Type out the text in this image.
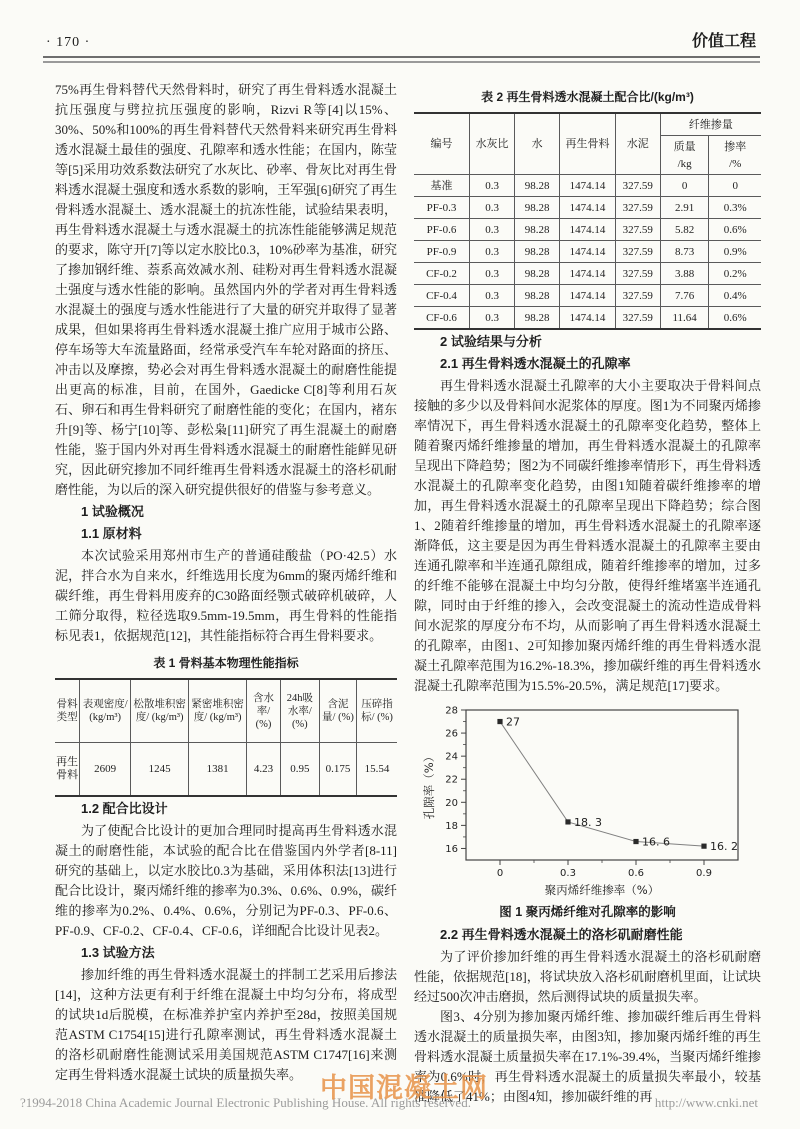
· 170 ·	价值工程

75%再生骨料替代天然骨料时，研究了再生骨料透水混凝土抗压强度与劈拉抗压强度的影响，Rizvi R等[4]以15%、30%、50%和100%的再生骨料替代天然骨料来研究再生骨料透水混凝土最佳的强度、孔隙率和透水性能；在国内，陈莹等[5]采用功效系数法研究了水灰比、砂率、骨灰比对再生骨料透水混凝土强度和透水系数的影响，王军强[6]研究了再生骨料透水混凝土、透水混凝土的抗冻性能，试验结果表明，再生骨料透水混凝土与透水混凝土的抗冻性能能够满足规范的要求，陈守开[7]等以定水胶比0.3，10%砂率为基准，研究了掺加钢纤维、萘系高效减水剂、硅粉对再生骨料透水混凝土强度与透水性能的影响。虽然国内外的学者对再生骨料透水混凝土的强度与透水性能进行了大量的研究并取得了显著成果，但如果将再生骨料透水混凝土推广应用于城市公路、停车场等大车流量路面，经常承受汽车车轮对路面的挤压、冲击以及摩擦，势必会对再生骨料透水混凝土的耐磨性能提出更高的标准，目前，在国外，Gaedicke C[8]等利用石灰石、卵石和再生骨料研究了耐磨性能的变化；在国内，褚东升[9]等、杨宁[10]等、彭松枭[11]研究了再生混凝土的耐磨性能，鉴于国内外对再生骨料透水混凝土的耐磨性能鲜见研究，因此研究掺加不同纤维再生骨料透水混凝土的洛杉矶耐磨性能，为以后的深入研究提供很好的借鉴与参考意义。

1 试验概况

1.1 原材料

本次试验采用郑州市生产的普通硅酸盐（PO·42.5）水泥，拌合水为自来水，纤维选用长度为6mm的聚丙烯纤维和碳纤维，再生骨料用废弃的C30路面经颚式破碎机破碎，人工筛分取得，粒径选取9.5mm-19.5mm，再生骨料的性能指标见表1，依据规范[12]，其性能指标符合再生骨料要求。

表 1 骨料基本物理性能指标
骨料类型	表观密度/ (kg/m³)	松散堆积密度/ (kg/m³)	紧密堆积密度/ (kg/m³)	含水率/ (%)	24h吸水率/ (%)	含泥量/ (%)	压碎指标/ (%)
再生骨料	2609	1245	1381	4.23	0.95	0.175	15.54

1.2 配合比设计

为了使配合比设计的更加合理同时提高再生骨料透水混凝土的耐磨性能，本试验的配合比在借鉴国内外学者[8-11]研究的基础上，以定水胶比0.3为基础，采用体积法[13]进行配合比设计，聚丙烯纤维的掺率为0.3%、0.6%、0.9%，碳纤维的掺率为0.2%、0.4%、0.6%，分别记为PF-0.3、PF-0.6、PF-0.9、CF-0.2、CF-0.4、CF-0.6，详细配合比设计见表2。

1.3 试验方法

掺加纤维的再生骨料透水混凝土的拌制工艺采用后掺法[14]，这种方法更有利于纤维在混凝土中均匀分布，将成型的试块1d后脱模，在标准养护室内养护至28d，按照美国规范ASTM C1754[15]进行孔隙率测试，再生骨料透水混凝土的洛杉矶耐磨性能测试采用美国规范ASTM C1747[16]来测定再生骨料透水混凝土试块的质量损失率。

表 2 再生骨料透水混凝土配合比/(kg/m³)
编号	水灰比	水	再生骨料	水泥	纤维掺量	
					质量	掺率
					/kg	/%
基准	0.3	98.28	1474.14	327.59	0	0
PF-0.3	0.3	98.28	1474.14	327.59	2.91	0.3%
PF-0.6	0.3	98.28	1474.14	327.59	5.82	0.6%
PF-0.9	0.3	98.28	1474.14	327.59	8.73	0.9%
CF-0.2	0.3	98.28	1474.14	327.59	3.88	0.2%
CF-0.4	0.3	98.28	1474.14	327.59	7.76	0.4%
CF-0.6	0.3	98.28	1474.14	327.59	11.64	0.6%

2 试验结果与分析

2.1 再生骨料透水混凝土的孔隙率

再生骨料透水混凝土孔隙率的大小主要取决于骨料间点接触的多少以及骨料间水泥浆体的厚度。图1为不同聚丙烯掺率情况下，再生骨料透水混凝土的孔隙率变化趋势，整体上随着聚丙烯纤维掺量的增加，再生骨料透水混凝土的孔隙率呈现出下降趋势；图2为不同碳纤维掺率情形下，再生骨料透水混凝土的孔隙率变化趋势，由图1知随着碳纤维掺率的增加，再生骨料透水混凝土的孔隙率呈现出下降趋势；综合图1、2随着纤维掺量的增加，再生骨料透水混凝土的孔隙率逐渐降低，这主要是因为再生骨料透水混凝土的孔隙率主要由连通孔隙率和半连通孔隙组成，随着纤维掺率的增加，过多的纤维不能够在混凝土中均匀分散，使得纤维堵塞半连通孔隙，同时由于纤维的掺入，会改变混凝土的流动性造成骨料间水泥浆的厚度分布不均，从而影响了再生骨料透水混凝土的孔隙率，由图1、2可知掺加聚丙烯纤维的再生骨料透水混凝土孔隙率范围为16.2%-18.3%，掺加碳纤维的再生骨料透水混凝土孔隙率范围为15.5%-20.5%，满足规范[17]要求。

16
18
20
22
24
26
28
0	0.3	0.6	0.9
27
18. 3
16. 6	16. 2
孔隙率（%）
聚丙烯纤维掺率（%）
图 1 聚丙烯纤维对孔隙率的影响

2.2 再生骨料透水混凝土的洛杉矶耐磨性能

为了评价掺加纤维的再生骨料透水混凝土的洛杉矶耐磨性能，依据规范[18]，将试块放入洛杉矶耐磨机里面，让试块经过500次冲击磨损，然后测得试块的质量损失率。

图3、4分别为掺加聚丙烯纤维、掺加碳纤维后再生骨料透水混凝土的质量损失率，由图3知，掺加聚丙烯纤维的再生骨料透水混凝土质量损失率在17.1%-39.4%，当聚丙烯纤维掺率为0.6%时，再生骨料透水混凝土的质量损失率最小，较基准降低了41%；由图4知，掺加碳纤维的再

?1994-2018 China Academic Journal Electronic Publishing House. All rights reserved.	http://www.cnki.net
中国混凝土网
